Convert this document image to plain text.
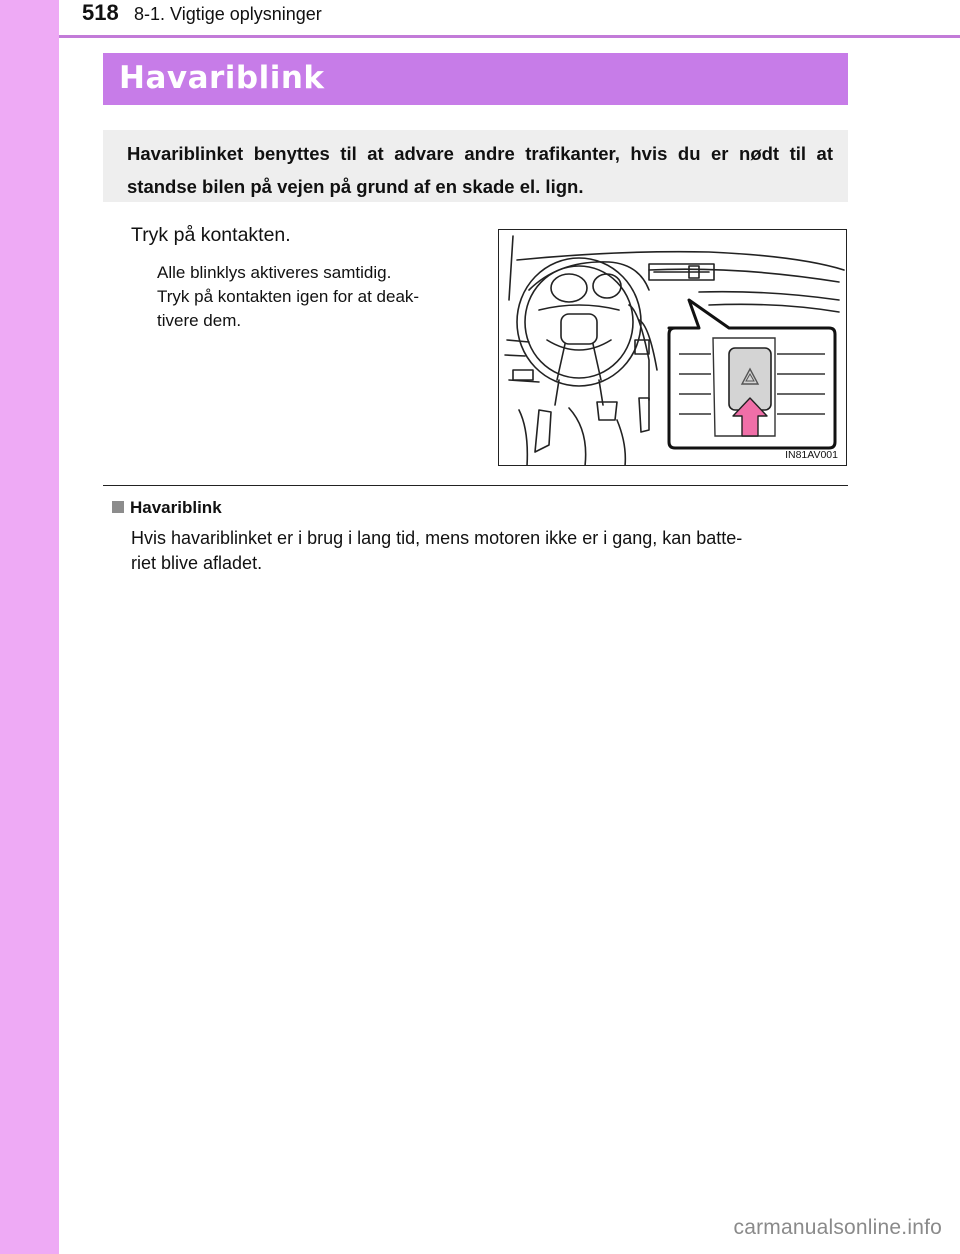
518 8-1. Vigtige oplysninger
Havariblink

Havariblinket benyttes til at advare andre trafikanter, hvis du er nødt til at standse bilen på vejen på grund af en skade el. lign.

Tryk på kontakten.

Alle blinklys aktiveres samtidig.
Tryk på kontakten igen for at deak-
tivere dem.

IN81AV001
Havariblink

Hvis havariblinket er i brug i lang tid, mens motoren ikke er i gang, kan batte-
riet blive afladet.

carmanualsonline.info
